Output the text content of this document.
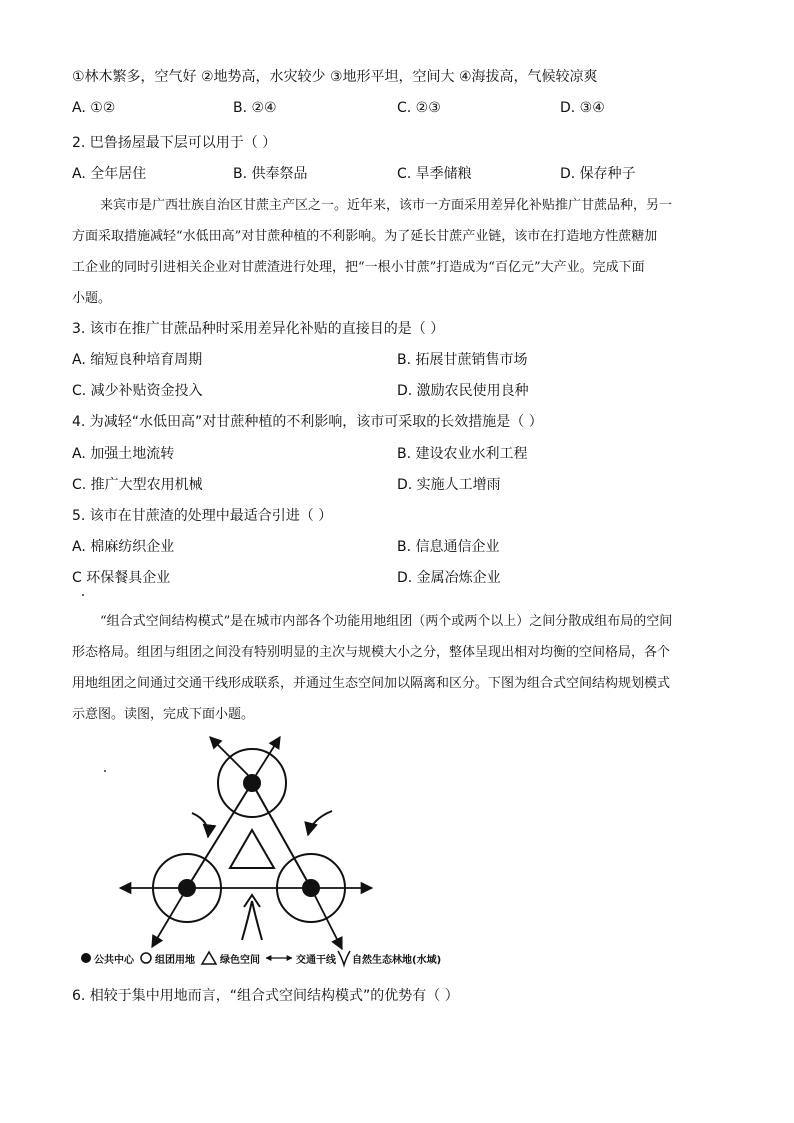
①林木繁多，空气好 ②地势高，水灾较少 ③地形平坦，空间大 ④海拔高，气候较凉爽
A. ①②	B. ②④	C. ②③	D. ③④
2. 巴鲁扬屋最下层可以用于（ ）
A. 全年居住	B. 供奉祭品	C. 旱季储粮	D. 保存种子
来宾市是广西壮族自治区甘蔗主产区之一。近年来，该市一方面采用差异化补贴推广甘蔗品种，另一
方面采取措施减轻“水低田高”对甘蔗种植的不利影响。为了延长甘蔗产业链，该市在打造地方性蔗糖加
工企业的同时引进相关企业对甘蔗渣进行处理，把“一根小甘蔗”打造成为“百亿元”大产业。完成下面
小题。
3. 该市在推广甘蔗品种时采用差异化补贴的直接目的是（ ）
A. 缩短良种培育周期	B. 拓展甘蔗销售市场
C. 减少补贴资金投入	D. 激励农民使用良种
4. 为减轻“水低田高”对甘蔗种植的不利影响，该市可采取的长效措施是（ ）
A. 加强土地流转	B. 建设农业水利工程
C. 推广大型农用机械	D. 实施人工增雨
5. 该市在甘蔗渣的处理中最适合引进（ ）
A. 棉麻纺织企业	B. 信息通信企业
C 环保餐具企业	D. 金属冶炼企业
“组合式空间结构模式”是在城市内部各个功能用地组团（两个或两个以上）之间分散成组布局的空间
形态格局。组团与组团之间没有特别明显的主次与规模大小之分，整体呈现出相对均衡的空间格局，各个
用地组团之间通过交通干线形成联系，并通过生态空间加以隔离和区分。下图为组合式空间结构规划模式
示意图。读图，完成下面小题。
公共中心 组团用地	绿色空间	交通干线 自然生态林地(水域)
6. 相较于集中用地而言，“组合式空间结构模式”的优势有（ ）
